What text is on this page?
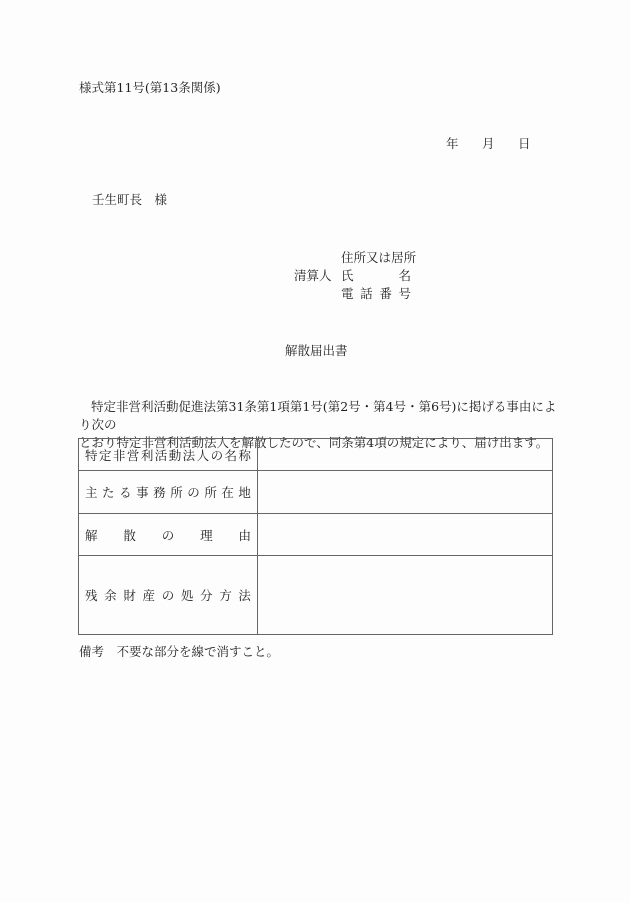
様式第11号(第13条関係)
年 月 日
壬生町長　様
住 所 又 は 居 所
清算人 氏	名
電 話 番 号
解散届出書
特定非営利活動促進法第31条第1項第1号(第2号・第4号・第6号)に掲げる事由により次の
とおり特定非営利活動法人を解散したので、同条第4項の規定により、届け出ます。
特 定 非 営 利 活 動 法 人 の 名 称

主 た る 事 務 所 の 所 在 地

解 散 の 理 由	

残 余 財 産 の 処 分 方 法

備考　不要な部分を線で消すこと。
